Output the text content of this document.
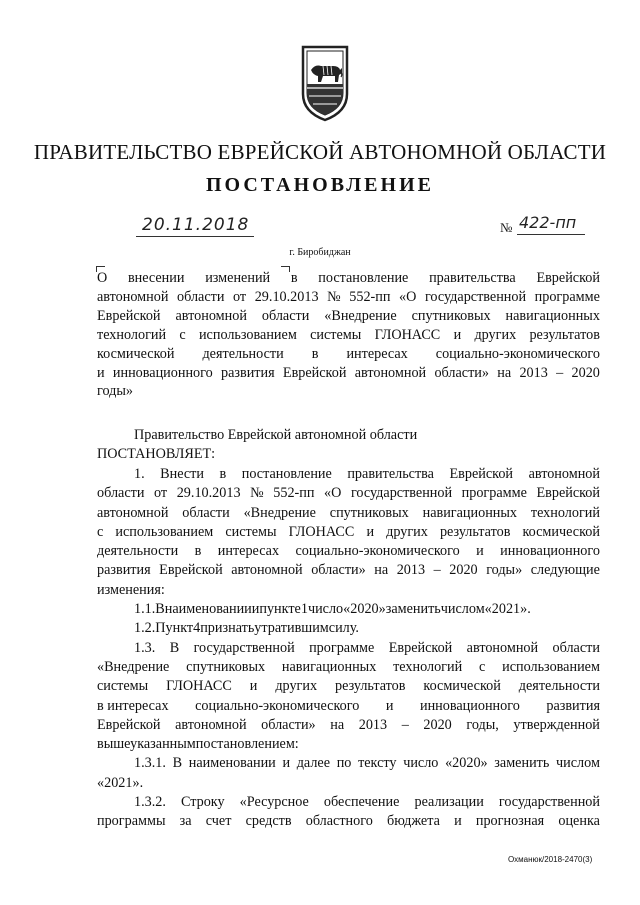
ПРАВИТЕЛЬСТВО ЕВРЕЙСКОЙ АВТОНОМНОЙ ОБЛАСТИ
ПОСТАНОВЛЕНИЕ
20.11.2018	№ 422-пп
г. Биробиджан
О внесении изменений в постановление правительства Еврейской
автономной области от 29.10.2013 № 552-пп «О государственной программе
Еврейской автономной области «Внедрение спутниковых навигационных
технологий с использованием системы ГЛОНАСС и других результатов
космической деятельности в интересах социально-экономического
и инновационного развития Еврейской автономной области» на 2013 – 2020
годы»
Правительство Еврейской автономной области
ПОСТАНОВЛЯЕТ:
1. Внести в постановление правительства Еврейской автономной
области от 29.10.2013 № 552-пп «О государственной программе Еврейской
автономной области «Внедрение спутниковых навигационных технологий
с использованием системы ГЛОНАСС и других результатов космической
деятельности в интересах социально-экономического и инновационного
развития Еврейской автономной области» на 2013 – 2020 годы» следующие
изменения:
1.1. В наименовании и пункте 1 число «2020» заменить числом «2021».
1.2. Пункт 4 признать утратившим силу.
1.3. В государственной программе Еврейской автономной области
«Внедрение спутниковых навигационных технологий с использованием
системы ГЛОНАСС и других результатов космической деятельности
в интересах социально-экономического и инновационного развития
Еврейской автономной области» на 2013 – 2020 годы, утвержденной
вышеуказанным постановлением:
1.3.1. В наименовании и далее по тексту число «2020» заменить числом
«2021».
1.3.2. Строку «Ресурсное обеспечение реализации государственной
программы за счет средств областного бюджета и прогнозная оценка
Охманюк/2018-2470(3)
